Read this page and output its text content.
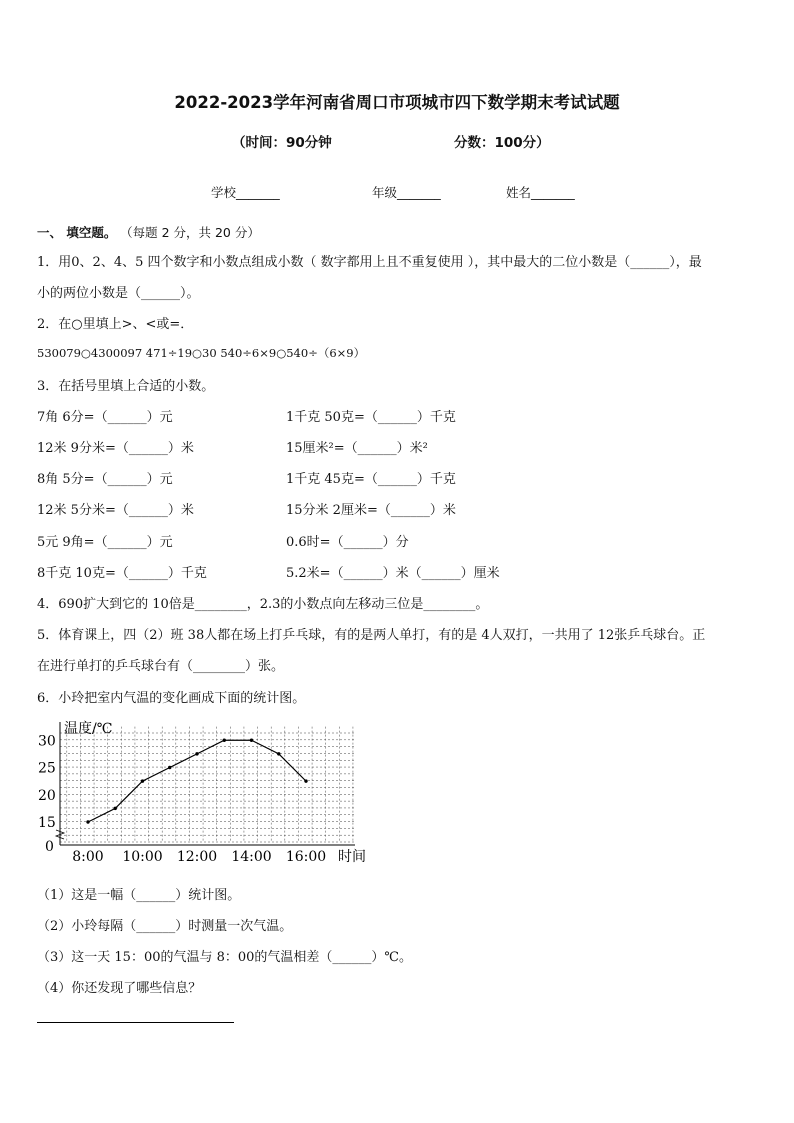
2022-2023学年河南省周口市项城市四下数学期末考试试题
（时间：90分钟	分数：100分）
学校_______	年级_______	姓名_______
一、 填空题。 （每题 2 分，共 20 分）
1．用0、2、4、5 四个数字和小数点组成小数（ 数字都用上且不重复使用 ），其中最大的二位小数是（______），最
小的两位小数是（______）。
2．在○里填上>、<或=．
530079○4300097 471÷19○30 540÷6×9○540÷（6×9）
3．在括号里填上合适的小数。
7角 6分=（______）元	1千克 50克=（______）千克
12米 9分米=（______）米	15厘米²=（______）米²
8角 5分=（______）元	1千克 45克=（______）千克
12米 5分米=（______）米	15分米 2厘米=（______）米
5元 9角=（______）元	0.6时=（______）分
8千克 10克=（______）千克	5.2米=（______）米（______）厘米
4．690扩大到它的 10倍是________，2.3的小数点向左移动三位是________。
5．体育课上，四（2）班 38人都在场上打乒乓球，有的是两人单打，有的是 4人双打，一共用了 12张乒乓球台。正
在进行单打的乒乓球台有（________）张。
6．小玲把室内气温的变化画成下面的统计图。
温度/℃
时间
0
15
20
25
30
8:00 10:00 12:00 14:00 16:00
（1）这是一幅（______）统计图。
（2）小玲每隔（______）时测量一次气温。
（3）这一天 15：00的气温与 8：00的气温相差（______）℃。
（4）你还发现了哪些信息？
